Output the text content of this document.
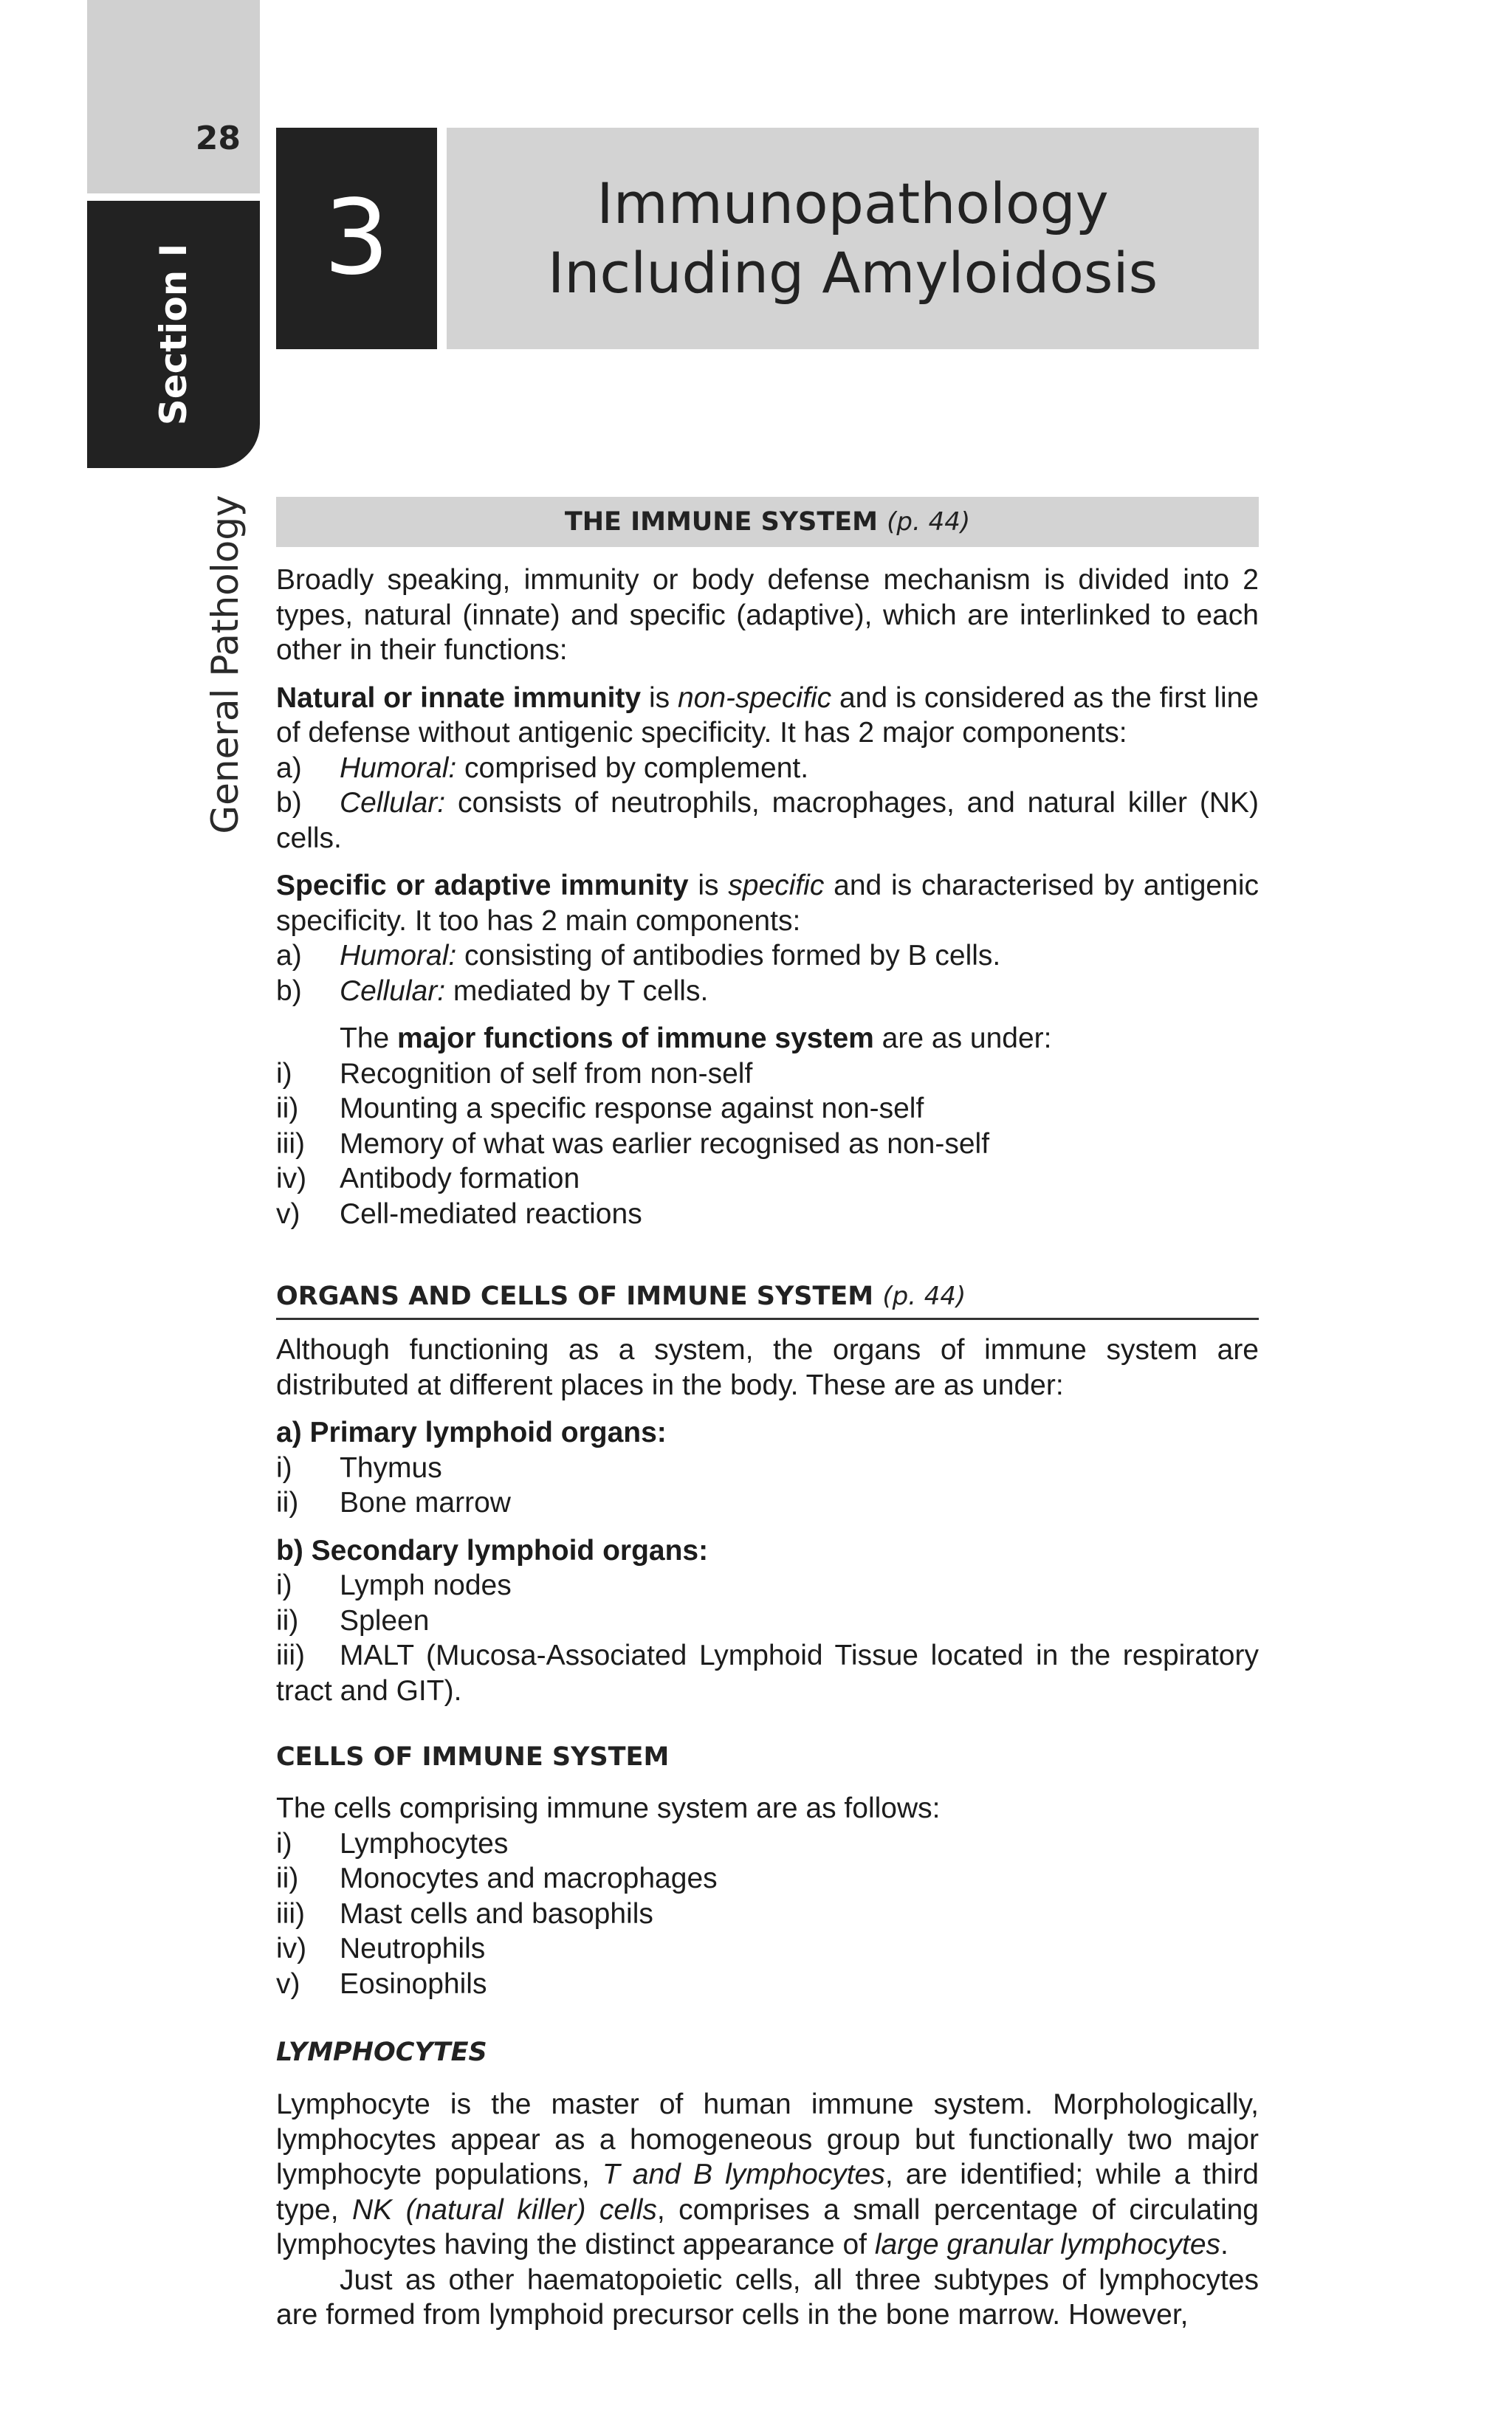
28
Section I
General Pathology
3	Immunopathology
Including Amyloidosis
THE IMMUNE SYSTEM (p. 44)

Broadly speaking, immunity or body defense mechanism is divided into 2 types, natural (innate) and specific (adaptive), which are interlinked to each other in their functions:

Natural or innate immunity is non-specific and is considered as the first line of defense without antigenic specificity. It has 2 major components:

a)	Humoral: comprised by complement.

b) Cellular: consists of neutrophils, macrophages, and natural killer (NK) cells.

Specific or adaptive immunity is specific and is characterised by antigenic specificity. It too has 2 main components:

a)	Humoral: consisting of antibodies formed by B cells.
b)	Cellular: mediated by T cells.

The major functions of immune system are as under:

i)	Recognition of self from non-self
ii)	Mounting a specific response against non-self
iii)	Memory of what was earlier recognised as non-self
iv)	Antibody formation
v)	Cell-mediated reactions
ORGANS AND CELLS OF IMMUNE SYSTEM (p. 44)

Although functioning as a system, the organs of immune system are distributed at different places in the body. These are as under:

a) Primary lymphoid organs:

i)	Thymus
ii)	Bone marrow

b) Secondary lymphoid organs:

i)	Lymph nodes
ii)	Spleen

iii) MALT (Mucosa-Associated Lymphoid Tissue located in the respiratory tract and GIT).

CELLS OF IMMUNE SYSTEM

The cells comprising immune system are as follows:

i)	Lymphocytes
ii)	Monocytes and macrophages
iii)	Mast cells and basophils
iv)	Neutrophils
v)	Eosinophils
LYMPHOCYTES

Lymphocyte is the master of human immune system. Morphologically, lymphocytes appear as a homogeneous group but functionally two major lymphocyte populations, T and B lymphocytes, are identified; while a third type, NK (natural killer) cells, comprises a small percentage of circulating lymphocytes having the distinct appearance of large granular lymphocytes.

Just as other haematopoietic cells, all three subtypes of lymphocytes are formed from lymphoid precursor cells in the bone marrow. However,
